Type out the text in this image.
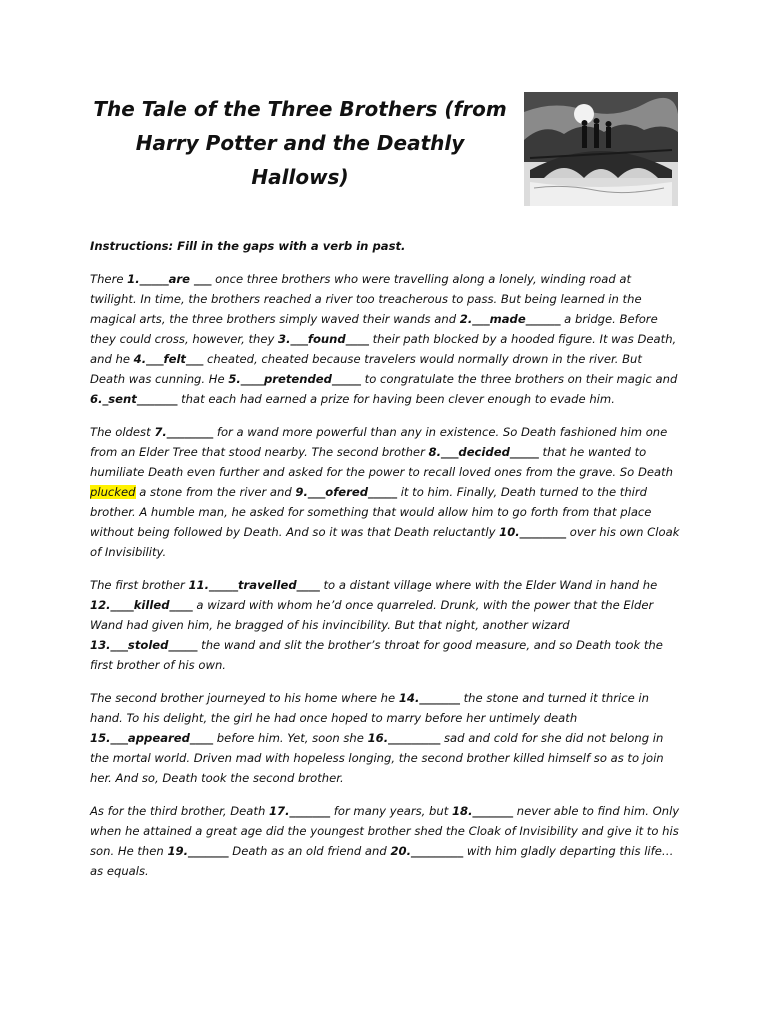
The Tale of the Three Brothers (from Harry Potter and the Deathly Hallows)

Instructions: Fill in the gaps with a verb in past.

There 1._____are ___ once three brothers who were travelling along a lonely, winding road at twilight. In time, the brothers reached a river too treacherous to pass. But being learned in the magical arts, the three brothers simply waved their wands and 2.___made______ a bridge. Before they could cross, however, they 3.___found____ their path blocked by a hooded figure. It was Death, and he 4.___felt___ cheated, cheated because travelers would normally drown in the river. But Death was cunning. He 5.____pretended_____ to congratulate the three brothers on their magic and 6._sent_______ that each had earned a prize for having been clever enough to evade him.

The oldest 7.________ for a wand more powerful than any in existence. So Death fashioned him one from an Elder Tree that stood nearby. The second brother 8.___decided_____ that he wanted to humiliate Death even further and asked for the power to recall loved ones from the grave. So Death plucked a stone from the river and 9.___ofered_____ it to him. Finally, Death turned to the third brother. A humble man, he asked for something that would allow him to go forth from that place without being followed by Death. And so it was that Death reluctantly 10.________ over his own Cloak of Invisibility.

The first brother 11._____travelled____ to a distant village where with the Elder Wand in hand he 12.____killed____ a wizard with whom he’d once quarreled. Drunk, with the power that the Elder Wand had given him, he bragged of his invincibility. But that night, another wizard 13.___stoled_____ the wand and slit the brother’s throat for good measure, and so Death took the first brother of his own.

The second brother journeyed to his home where he 14._______ the stone and turned it thrice in hand. To his delight, the girl he had once hoped to marry before her untimely death 15.___appeared____ before him. Yet, soon she 16._________ sad and cold for she did not belong in the mortal world. Driven mad with hopeless longing, the second brother killed himself so as to join her. And so, Death took the second brother.

As for the third brother, Death 17._______ for many years, but 18._______ never able to find him. Only when he attained a great age did the youngest brother shed the Cloak of Invisibility and give it to his son. He then 19._______ Death as an old friend and 20._________ with him gladly departing this life… as equals.
